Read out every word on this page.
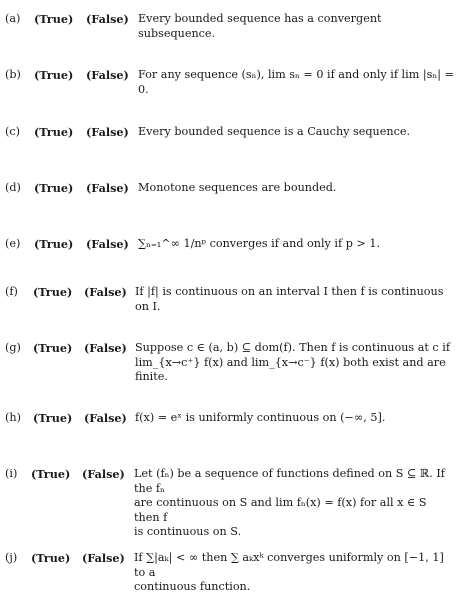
(a) (True) (False) Every bounded sequence has a convergent subsequence.

(b) (True) (False) For any sequence (sₙ), lim sₙ = 0 if and only if lim |sₙ| = 0.

(c) (True) (False) Every bounded sequence is a Cauchy sequence.

(d) (True) (False) Monotone sequences are bounded.

(e) (True) (False) ∑ₙ₌₁^∞ 1/nᵖ converges if and only if p > 1.

(f) (True) (False) If |f| is continuous on an interval I then f is continuous on I.

(g) (True) (False) Suppose c ∈ (a, b) ⊆ dom(f). Then f is continuous at c if

lim_{x→c⁺} f(x) and lim_{x→c⁻} f(x) both exist and are finite.

(h) (True) (False) f(x) = eˣ is uniformly continuous on (−∞, 5].

(i) (True) (False) Let (fₙ) be a sequence of functions defined on S ⊆ ℝ. If the fₙ

are continuous on S and lim fₙ(x) = f(x) for all x ∈ S then f

is continuous on S.

(j) (True) (False) If ∑|aₖ| < ∞ then ∑ aₖxᵏ converges uniformly on [−1, 1] to a

continuous function.
